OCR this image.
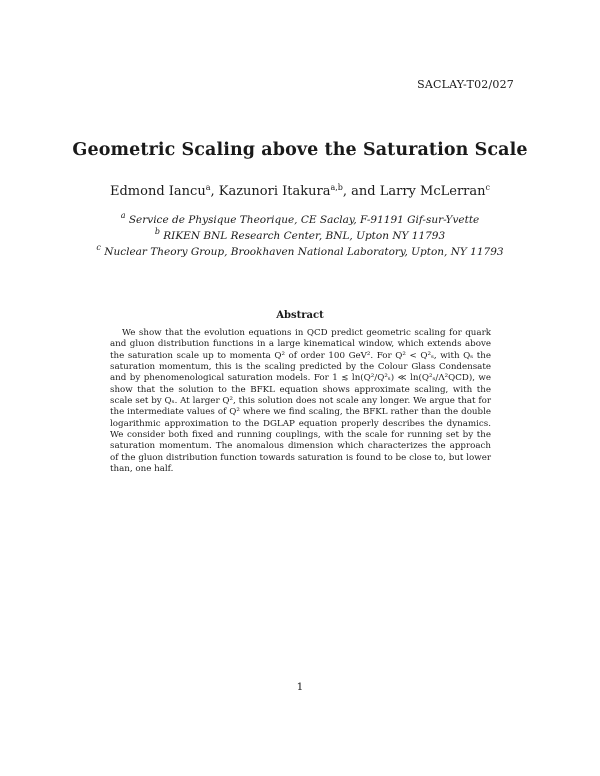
SACLAY-T02/027
Geometric Scaling above the Saturation Scale
Edmond Iancu$^a$, Kazunori Itakura$^{a,b}$, and Larry McLerran$^c$
$^a$ Service de Physique Theorique, CE Saclay, F-91191 Gif-sur-Yvette
$^b$ RIKEN BNL Research Center, BNL, Upton NY 11793
$^c$ Nuclear Theory Group, Brookhaven National Laboratory, Upton, NY 11793
Abstract
We show that the evolution equations in QCD predict geometric scaling for quark and gluon distribution functions in a large kinematical window, which extends above the saturation scale up to momenta Q² of order 100 GeV². For Q² < Q²ₛ, with Qₛ the saturation momentum, this is the scaling predicted by the Colour Glass Condensate and by phenomenological saturation models. For 1 ≲ ln(Q²/Q²ₛ) ≪ ln(Q²ₛ/Λ²QCD), we show that the solution to the BFKL equation shows approximate scaling, with the scale set by Qₛ. At larger Q², this solution does not scale any longer. We argue that for the intermediate values of Q² where we find scaling, the BFKL rather than the double logarithmic approximation to the DGLAP equation properly describes the dynamics. We consider both fixed and running couplings, with the scale for running set by the saturation momentum. The anomalous dimension which characterizes the approach of the gluon distribution function towards saturation is found to be close to, but lower than, one half.
1
